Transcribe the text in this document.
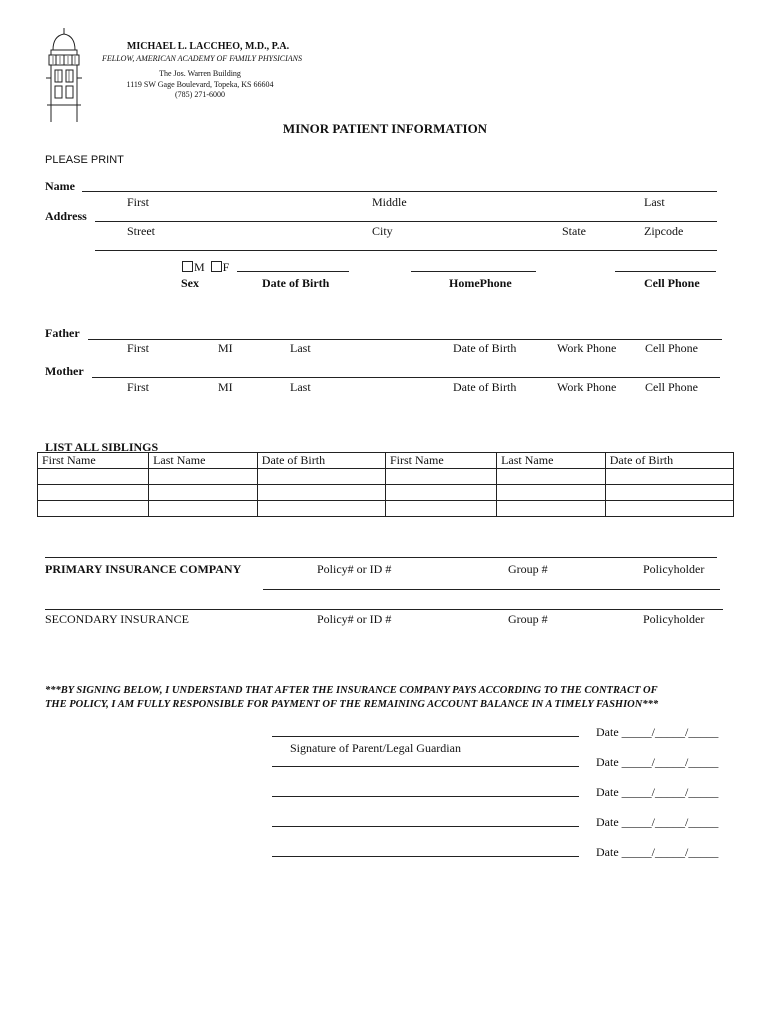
MICHAEL L. LACCHEO, M.D., P.A.
FELLOW, AMERICAN ACADEMY OF FAMILY PHYSICIANS
The Jos. Warren Building
1119 SW Gage Boulevard, Topeka, KS 66604
(785) 271-6000
MINOR PATIENT INFORMATION
PLEASE PRINT
Name
First	Middle	Last
Address
Street	City	State	Zipcode
M F
Sex	Date of Birth	HomePhone	Cell Phone
Father
First	MI	Last	Date of Birth	Work Phone Cell Phone
Mother
First	MI	Last	Date of Birth	Work Phone Cell Phone
LIST ALL SIBLINGS
First Name	Last Name	Date of Birth	First Name	Last Name	Date of Birth

PRIMARY INSURANCE COMPANY	Policy# or ID #	Group #	Policyholder
SECONDARY INSURANCE	Policy# or ID #	Group #	Policyholder
***BY SIGNING BELOW, I UNDERSTAND THAT AFTER THE INSURANCE COMPANY PAYS ACCORDING TO THE CONTRACT OF
THE POLICY, I AM FULLY RESPONSIBLE FOR PAYMENT OF THE REMAINING ACCOUNT BALANCE IN A TIMELY FASHION***
Date _____/_____/_____
Signature of Parent/Legal Guardian
Date _____/_____/_____
Date _____/_____/_____
Date _____/_____/_____
Date _____/_____/_____
